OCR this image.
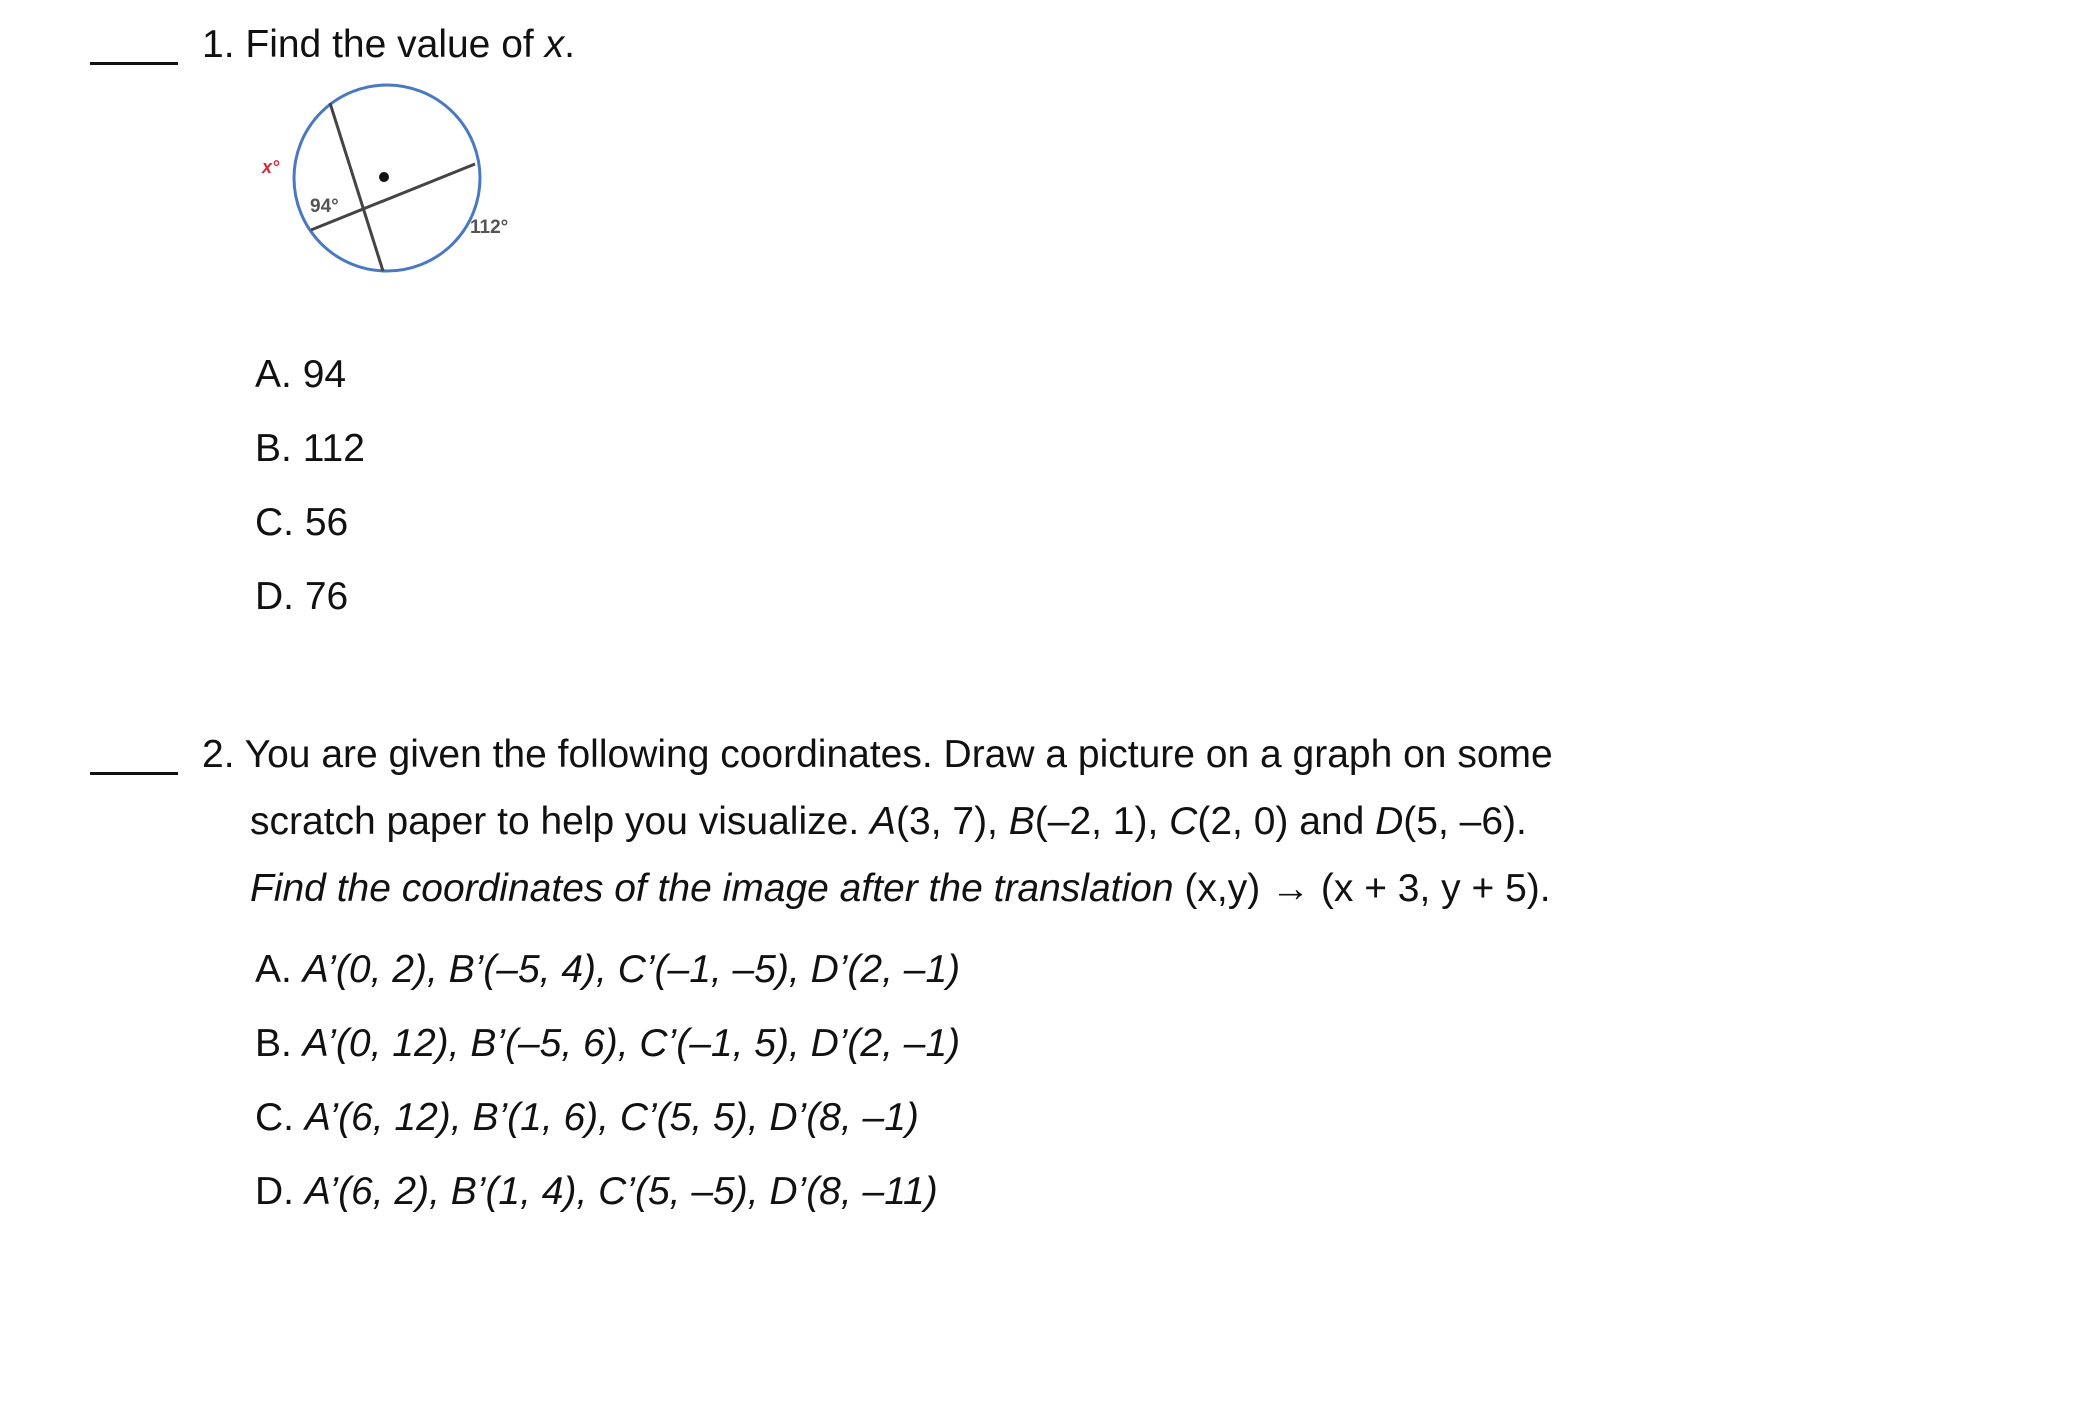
1. Find the value of x.
x°
94°
112°
A. 94
B. 112
C. 56
D. 76
2. You are given the following coordinates. Draw a picture on a graph on some
scratch paper to help you visualize. A(3, 7), B(–2, 1), C(2, 0) and D(5, –6).
Find the coordinates of the image after the translation (x,y) → (x + 3, y + 5).
A. A’(0, 2), B’(–5, 4), C’(–1, –5), D’(2, –1)
B. A’(0, 12), B’(–5, 6), C’(–1, 5), D’(2, –1)
C. A’(6, 12), B’(1, 6), C’(5, 5), D’(8, –1)
D. A’(6, 2), B’(1, 4), C’(5, –5), D’(8, –11)
